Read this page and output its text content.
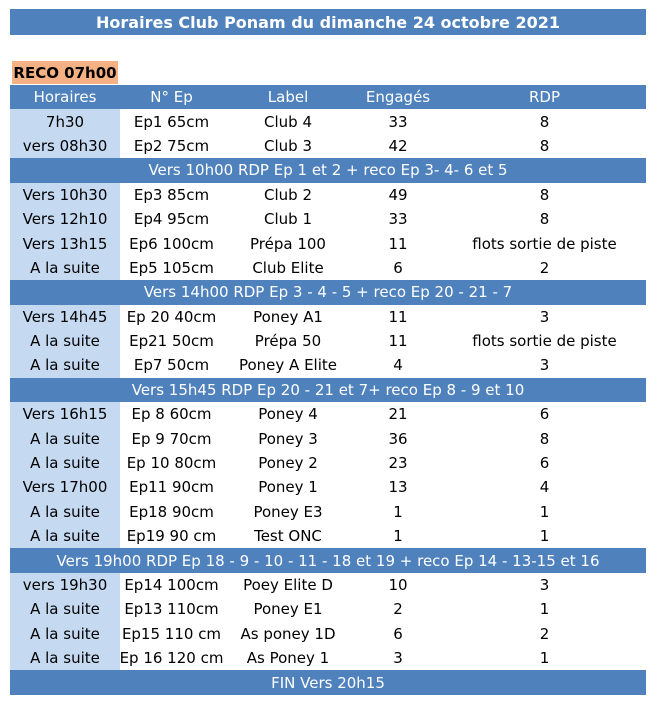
Horaires Club Ponam du dimanche 24 octobre 2021
RECO 07h00
Horaires	N° Ep	Label	Engagés	RDP
7h30	Ep1 65cm	Club 4	33	8
vers 08h30	Ep2 75cm	Club 3	42	8
Vers 10h00 RDP Ep 1 et 2 + reco Ep 3- 4- 6 et 5
Vers 10h30	Ep3 85cm	Club 2	49	8
Vers 12h10	Ep4 95cm	Club 1	33	8
Vers 13h15	Ep6 100cm	Prépa 100	11	flots sortie de piste
A la suite	Ep5 105cm	Club Elite	6	2
Vers 14h00 RDP Ep 3 - 4 - 5 + reco Ep 20 - 21 - 7
Vers 14h45	Ep 20 40cm	Poney A1	11	3
A la suite	Ep21 50cm	Prépa 50	11	flots sortie de piste
A la suite	Ep7 50cm	Poney A Elite	4	3
Vers 15h45 RDP Ep 20 - 21 et 7+ reco Ep 8 - 9 et 10
Vers 16h15	Ep 8 60cm	Poney 4	21	6
A la suite	Ep 9 70cm	Poney 3	36	8
A la suite	Ep 10 80cm	Poney 2	23	6
Vers 17h00	Ep11 90cm	Poney 1	13	4
A la suite	Ep18 90cm	Poney E3	1	1
A la suite	Ep19 90 cm	Test ONC	1	1
Vers 19h00 RDP Ep 18 - 9 - 10 - 11 - 18 et 19 + reco Ep 14 - 13-15 et 16
vers 19h30	Ep14 100cm	Poey Elite D	10	3
A la suite	Ep13 110cm	Poney E1	2	1
A la suite	Ep15 110 cm	As poney 1D	6	2
A la suite	Ep 16 120 cm	As Poney 1	3	1
FIN Vers 20h15
